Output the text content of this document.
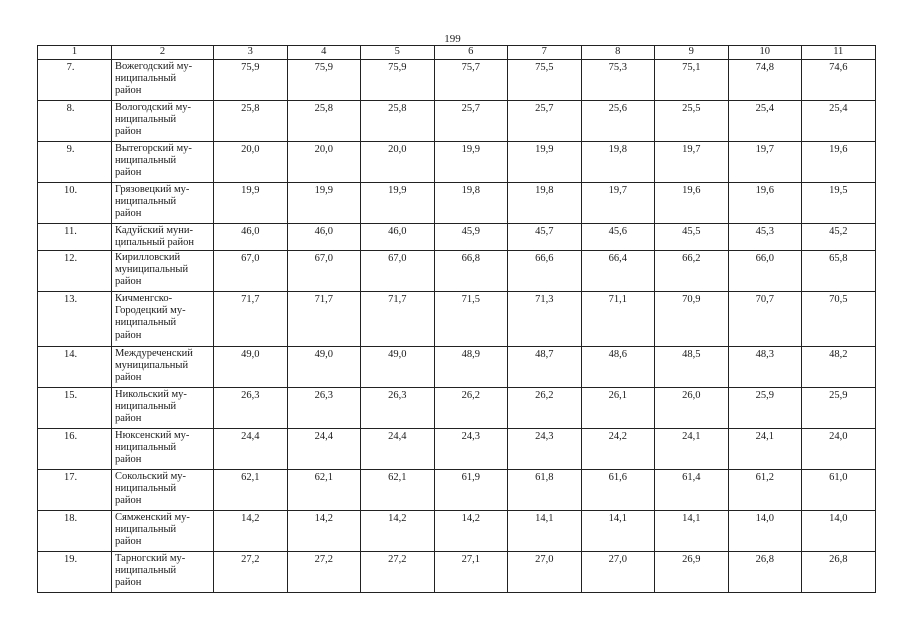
199
1	2	3	4	5	6	7	8	9	10	11
7.	Вожегодский му-
ниципальный
район	75,9	75,9	75,9	75,7	75,5	75,3	75,1	74,8	74,6
8.	Вологодский му-
ниципальный
район	25,8	25,8	25,8	25,7	25,7	25,6	25,5	25,4	25,4
9.	Вытегорский му-
ниципальный
район	20,0	20,0	20,0	19,9	19,9	19,8	19,7	19,7	19,6
10.	Грязовецкий му-
ниципальный
район	19,9	19,9	19,9	19,8	19,8	19,7	19,6	19,6	19,5
11.	Кадуйский муни-
ципальный район	46,0	46,0	46,0	45,9	45,7	45,6	45,5	45,3	45,2
12.	Кирилловский
муниципальный
район	67,0	67,0	67,0	66,8	66,6	66,4	66,2	66,0	65,8
13.	Кичменгско-
Городецкий му-
ниципальный
район	71,7	71,7	71,7	71,5	71,3	71,1	70,9	70,7	70,5
14.	Междуреченский
муниципальный
район	49,0	49,0	49,0	48,9	48,7	48,6	48,5	48,3	48,2
15.	Никольский му-
ниципальный
район	26,3	26,3	26,3	26,2	26,2	26,1	26,0	25,9	25,9
16.	Нюксенский му-
ниципальный
район	24,4	24,4	24,4	24,3	24,3	24,2	24,1	24,1	24,0
17.	Сокольский му-
ниципальный
район	62,1	62,1	62,1	61,9	61,8	61,6	61,4	61,2	61,0
18.	Сямженский му-
ниципальный
район	14,2	14,2	14,2	14,2	14,1	14,1	14,1	14,0	14,0
19.	Тарногский му-
ниципальный
район	27,2	27,2	27,2	27,1	27,0	27,0	26,9	26,8	26,8
